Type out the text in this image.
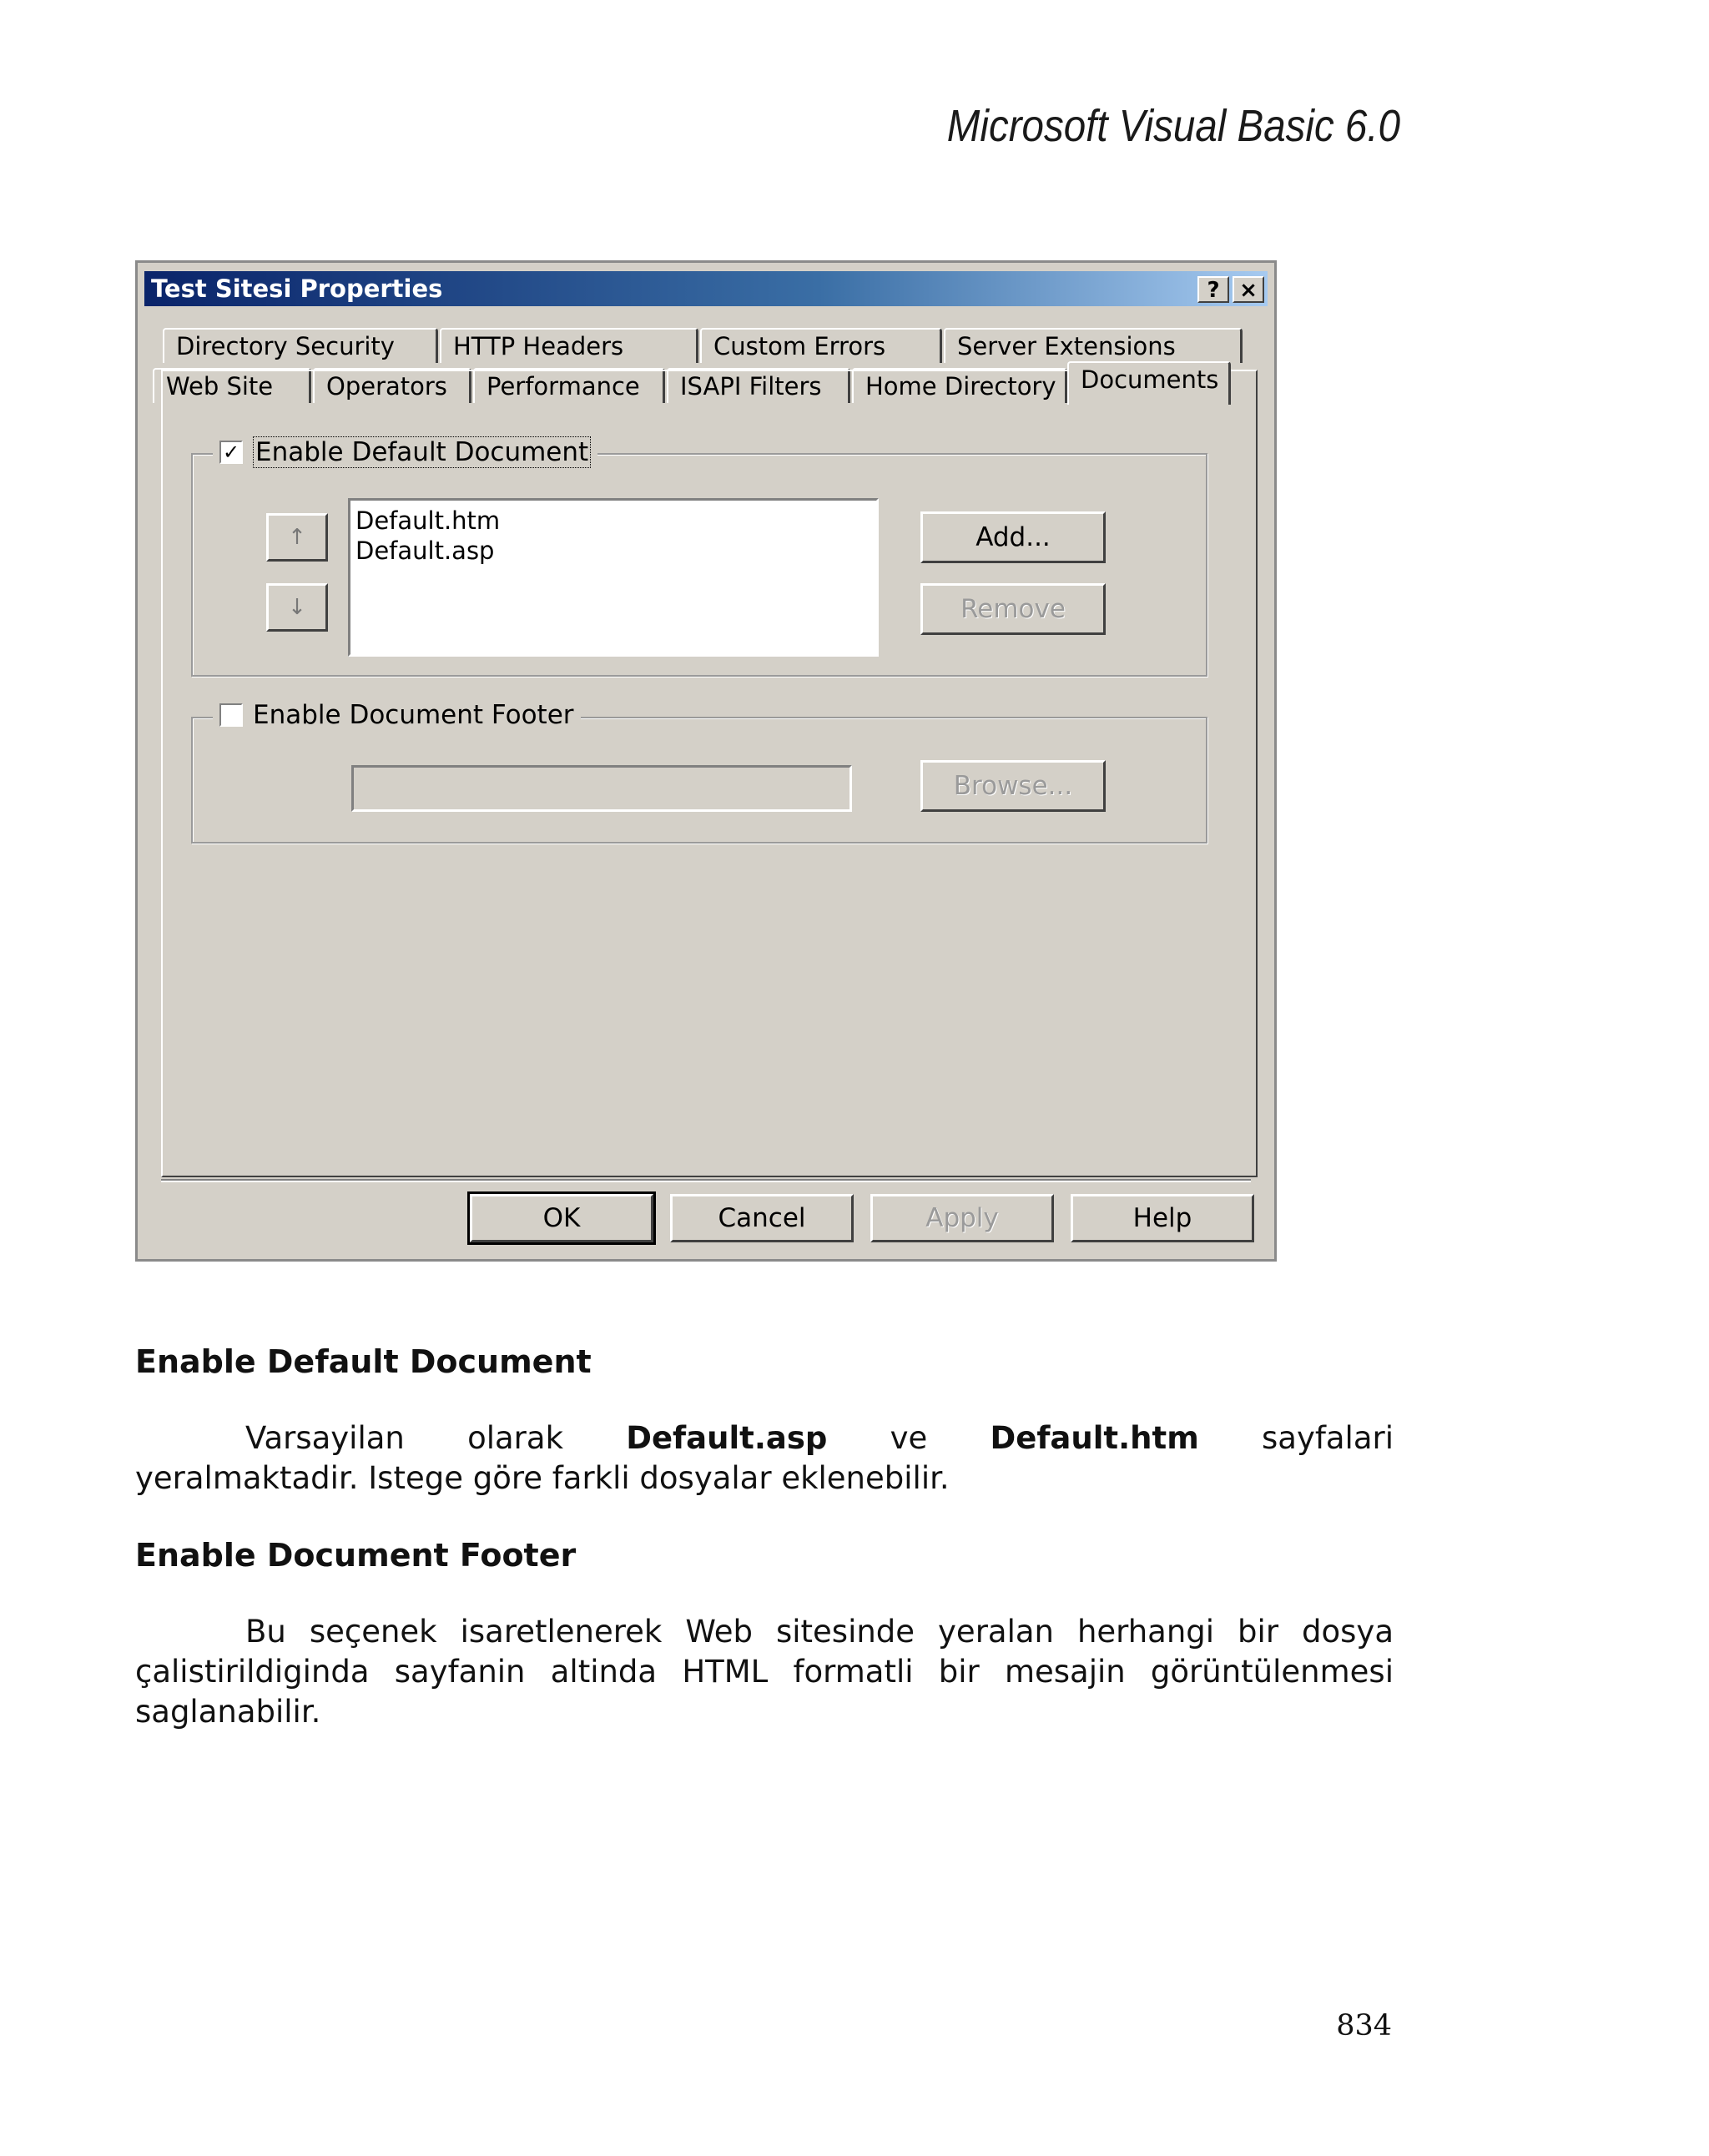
Microsoft Visual Basic 6.0
Test Sitesi Properties	? ×
Directory Security	HTTP Headers	Custom Errors	Server Extensions
Web Site	Operators	Performance	ISAPI Filters	Home Directory	Documents
✓ Enable Default Document
↑
↓
Default.htm
Default.asp	Add...
Remove
Enable Document Footer
Browse...
OK	Cancel	Apply	Help
Enable Default Document

Varsayilan olarak Default.asp ve Default.htm sayfalari

yeralmaktadir. Istege göre farkli dosyalar eklenebilir.
Enable Document Footer

Bu seçenek isaretlenerek Web sitesinde yeralan herhangi bir dosya

çalistirildiginda sayfanin altinda HTML formatli bir mesajin görüntülenmesi
saglanabilir.
834
